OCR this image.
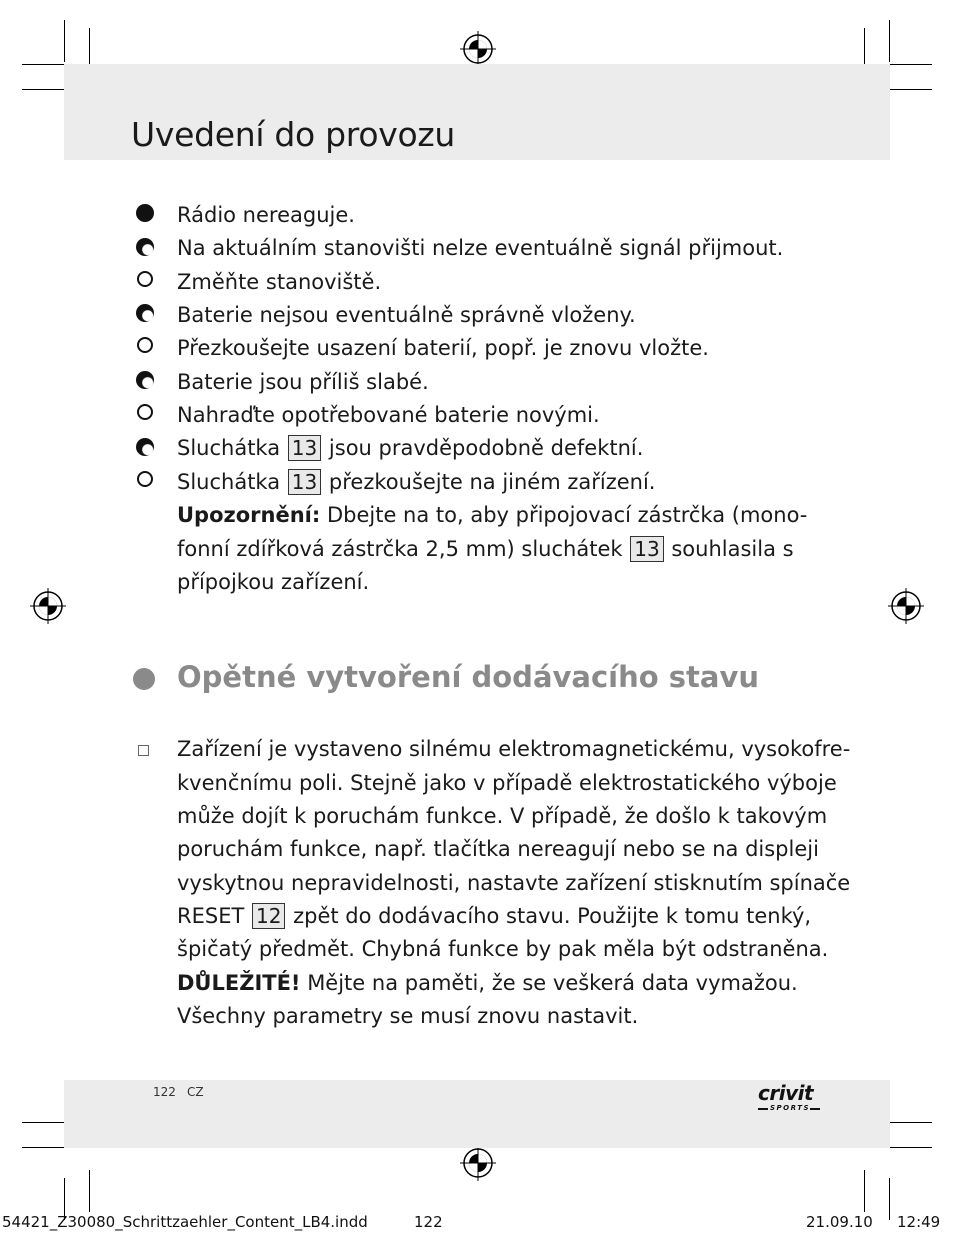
Uvedení do provozu
Rádio nereaguje.
Na aktuálním stanovišti nelze eventuálně signál přijmout.
Změňte stanoviště.
Baterie nejsou eventuálně správně vloženy.
Přezkoušejte usazení baterií, popř. je znovu vložte.
Baterie jsou příliš slabé.
Nahraďte opotřebované baterie novými.
Sluchátka 13 jsou pravděpodobně defektní.
Sluchátka 13 přezkoušejte na jiném zařízení.
Upozornění: Dbejte na to, aby připojovací zástrčka (mono-
fonní zdířková zástrčka 2,5 mm) sluchátek 13 souhlasila s
přípojkou zařízení.
Opětné vytvoření dodávacího stavu
Zařízení je vystaveno silnému elektromagnetickému, vysokofre-
kvenčnímu poli. Stejně jako v případě elektrostatického výboje
může dojít k poruchám funkce. V případě, že došlo k takovým
poruchám funkce, např. tlačítka nereagují nebo se na displeji
vyskytnou nepravidelnosti, nastavte zařízení stisknutím spínače
RESET 12 zpět do dodávacího stavu. Použijte k tomu tenký,
špičatý předmět. Chybná funkce by pak měla být odstraněna.
DŮLEŽITÉ! Mějte na paměti, že se veškerá data vymažou.
Všechny parametry se musí znovu nastavit.
122 CZ	crivit
SPORTS
54421_Z30080_Schrittzaehler_Content_LB4.indd	122	21.09.10 12:49
